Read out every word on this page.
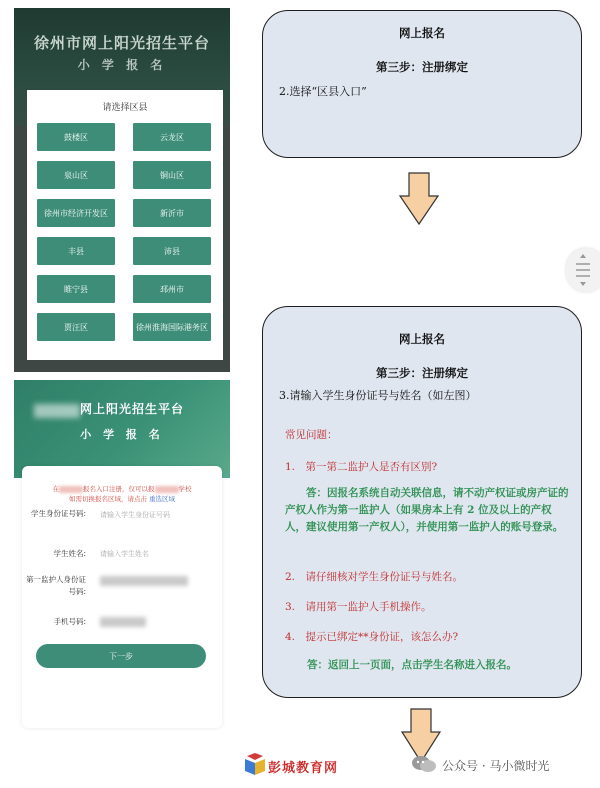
徐州市网上阳光招生平台
小 学 报 名
请选择区县
鼓楼区	云龙区
泉山区	铜山区
徐州市经济开发区	新沂市
丰县	沛县
睢宁县	邳州市
贾汪区	徐州淮海国际港务区
网上阳光招生平台
小 学 报 名
在	报名入口注册，仅可以报	学校
如需切换报名区域，请点击 重选区域
学生身份证号码: 请输入学生身份证号码
学生姓名: 请输入学生姓名
第一监护人身份证号码:
手机号码:
下一步
网上报名
第三步：注册绑定
2.选择“区县入口”
网上报名
第三步：注册绑定
3.请输入学生身份证号与姓名（如左图）
常见问题：
1.　第一第二监护人是否有区别?
答：因报名系统自动关联信息，请不动产权证或房产证的产权人作为第一监护人（如果房本上有 2 位及以上的产权人，建议使用第一产权人），并使用第一监护人的账号登录。
2.　请仔细核对学生身份证号与姓名。
3.　请用第一监护人手机操作。
4.　提示已绑定**身份证，该怎么办?
答：返回上一页面，点击学生名称进入报名。
彭城教育网	公众号 · 马小微时光
